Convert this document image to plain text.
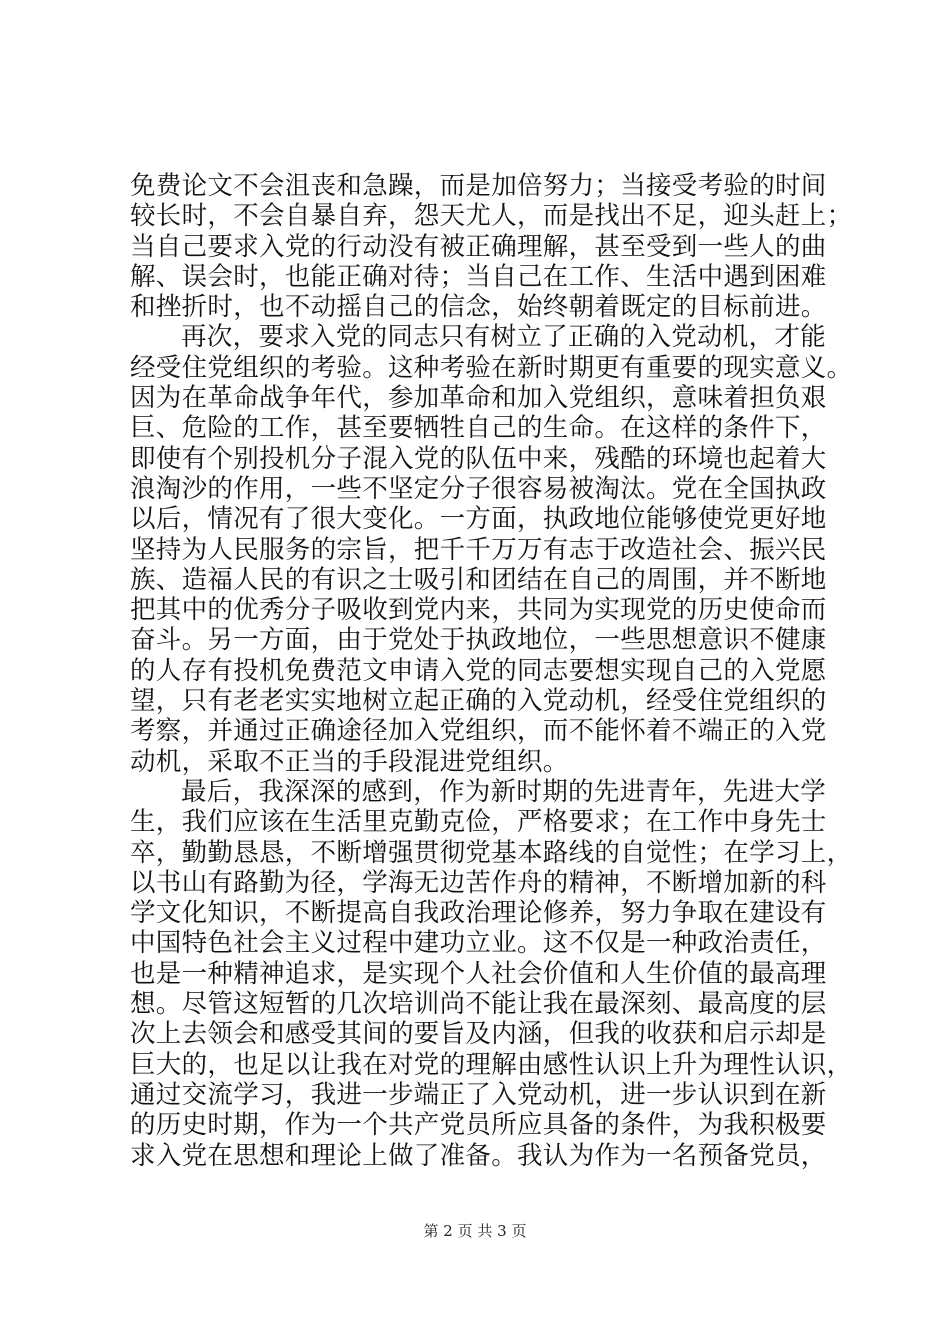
免费论文不会沮丧和急躁，而是加倍努力；当接受考验的时间
较长时，不会自暴自弃，怨天尤人，而是找出不足，迎头赶上；
当自己要求入党的行动没有被正确理解，甚至受到一些人的曲
解、误会时，也能正确对待；当自己在工作、生活中遇到困难
和挫折时，也不动摇自己的信念，始终朝着既定的目标前进。
再次，要求入党的同志只有树立了正确的入党动机，才能
经受住党组织的考验。这种考验在新时期更有重要的现实意义。
因为在革命战争年代，参加革命和加入党组织，意味着担负艰
巨、危险的工作，甚至要牺牲自己的生命。在这样的条件下，
即使有个别投机分子混入党的队伍中来，残酷的环境也起着大
浪淘沙的作用，一些不坚定分子很容易被淘汰。党在全国执政
以后，情况有了很大变化。一方面，执政地位能够使党更好地
坚持为人民服务的宗旨，把千千万万有志于改造社会、振兴民
族、造福人民的有识之士吸引和团结在自己的周围，并不断地
把其中的优秀分子吸收到党内来，共同为实现党的历史使命而
奋斗。另一方面，由于党处于执政地位，一些思想意识不健康
的人存有投机免费范文申请入党的同志要想实现自己的入党愿
望，只有老老实实地树立起正确的入党动机，经受住党组织的
考察，并通过正确途径加入党组织，而不能怀着不端正的入党
动机，采取不正当的手段混进党组织。
最后，我深深的感到，作为新时期的先进青年，先进大学
生，我们应该在生活里克勤克俭，严格要求；在工作中身先士
卒，勤勤恳恳，不断增强贯彻党基本路线的自觉性；在学习上，
以书山有路勤为径，学海无边苦作舟的精神，不断增加新的科
学文化知识，不断提高自我政治理论修养，努力争取在建设有
中国特色社会主义过程中建功立业。这不仅是一种政治责任，
也是一种精神追求，是实现个人社会价值和人生价值的最高理
想。尽管这短暂的几次培训尚不能让我在最深刻、最高度的层
次上去领会和感受其间的要旨及内涵，但我的收获和启示却是
巨大的，也足以让我在对党的理解由感性认识上升为理性认识，
通过交流学习，我进一步端正了入党动机，进一步认识到在新
的历史时期，作为一个共产党员所应具备的条件，为我积极要
求入党在思想和理论上做了准备。我认为作为一名预备党员，
第 2 页 共 3 页
